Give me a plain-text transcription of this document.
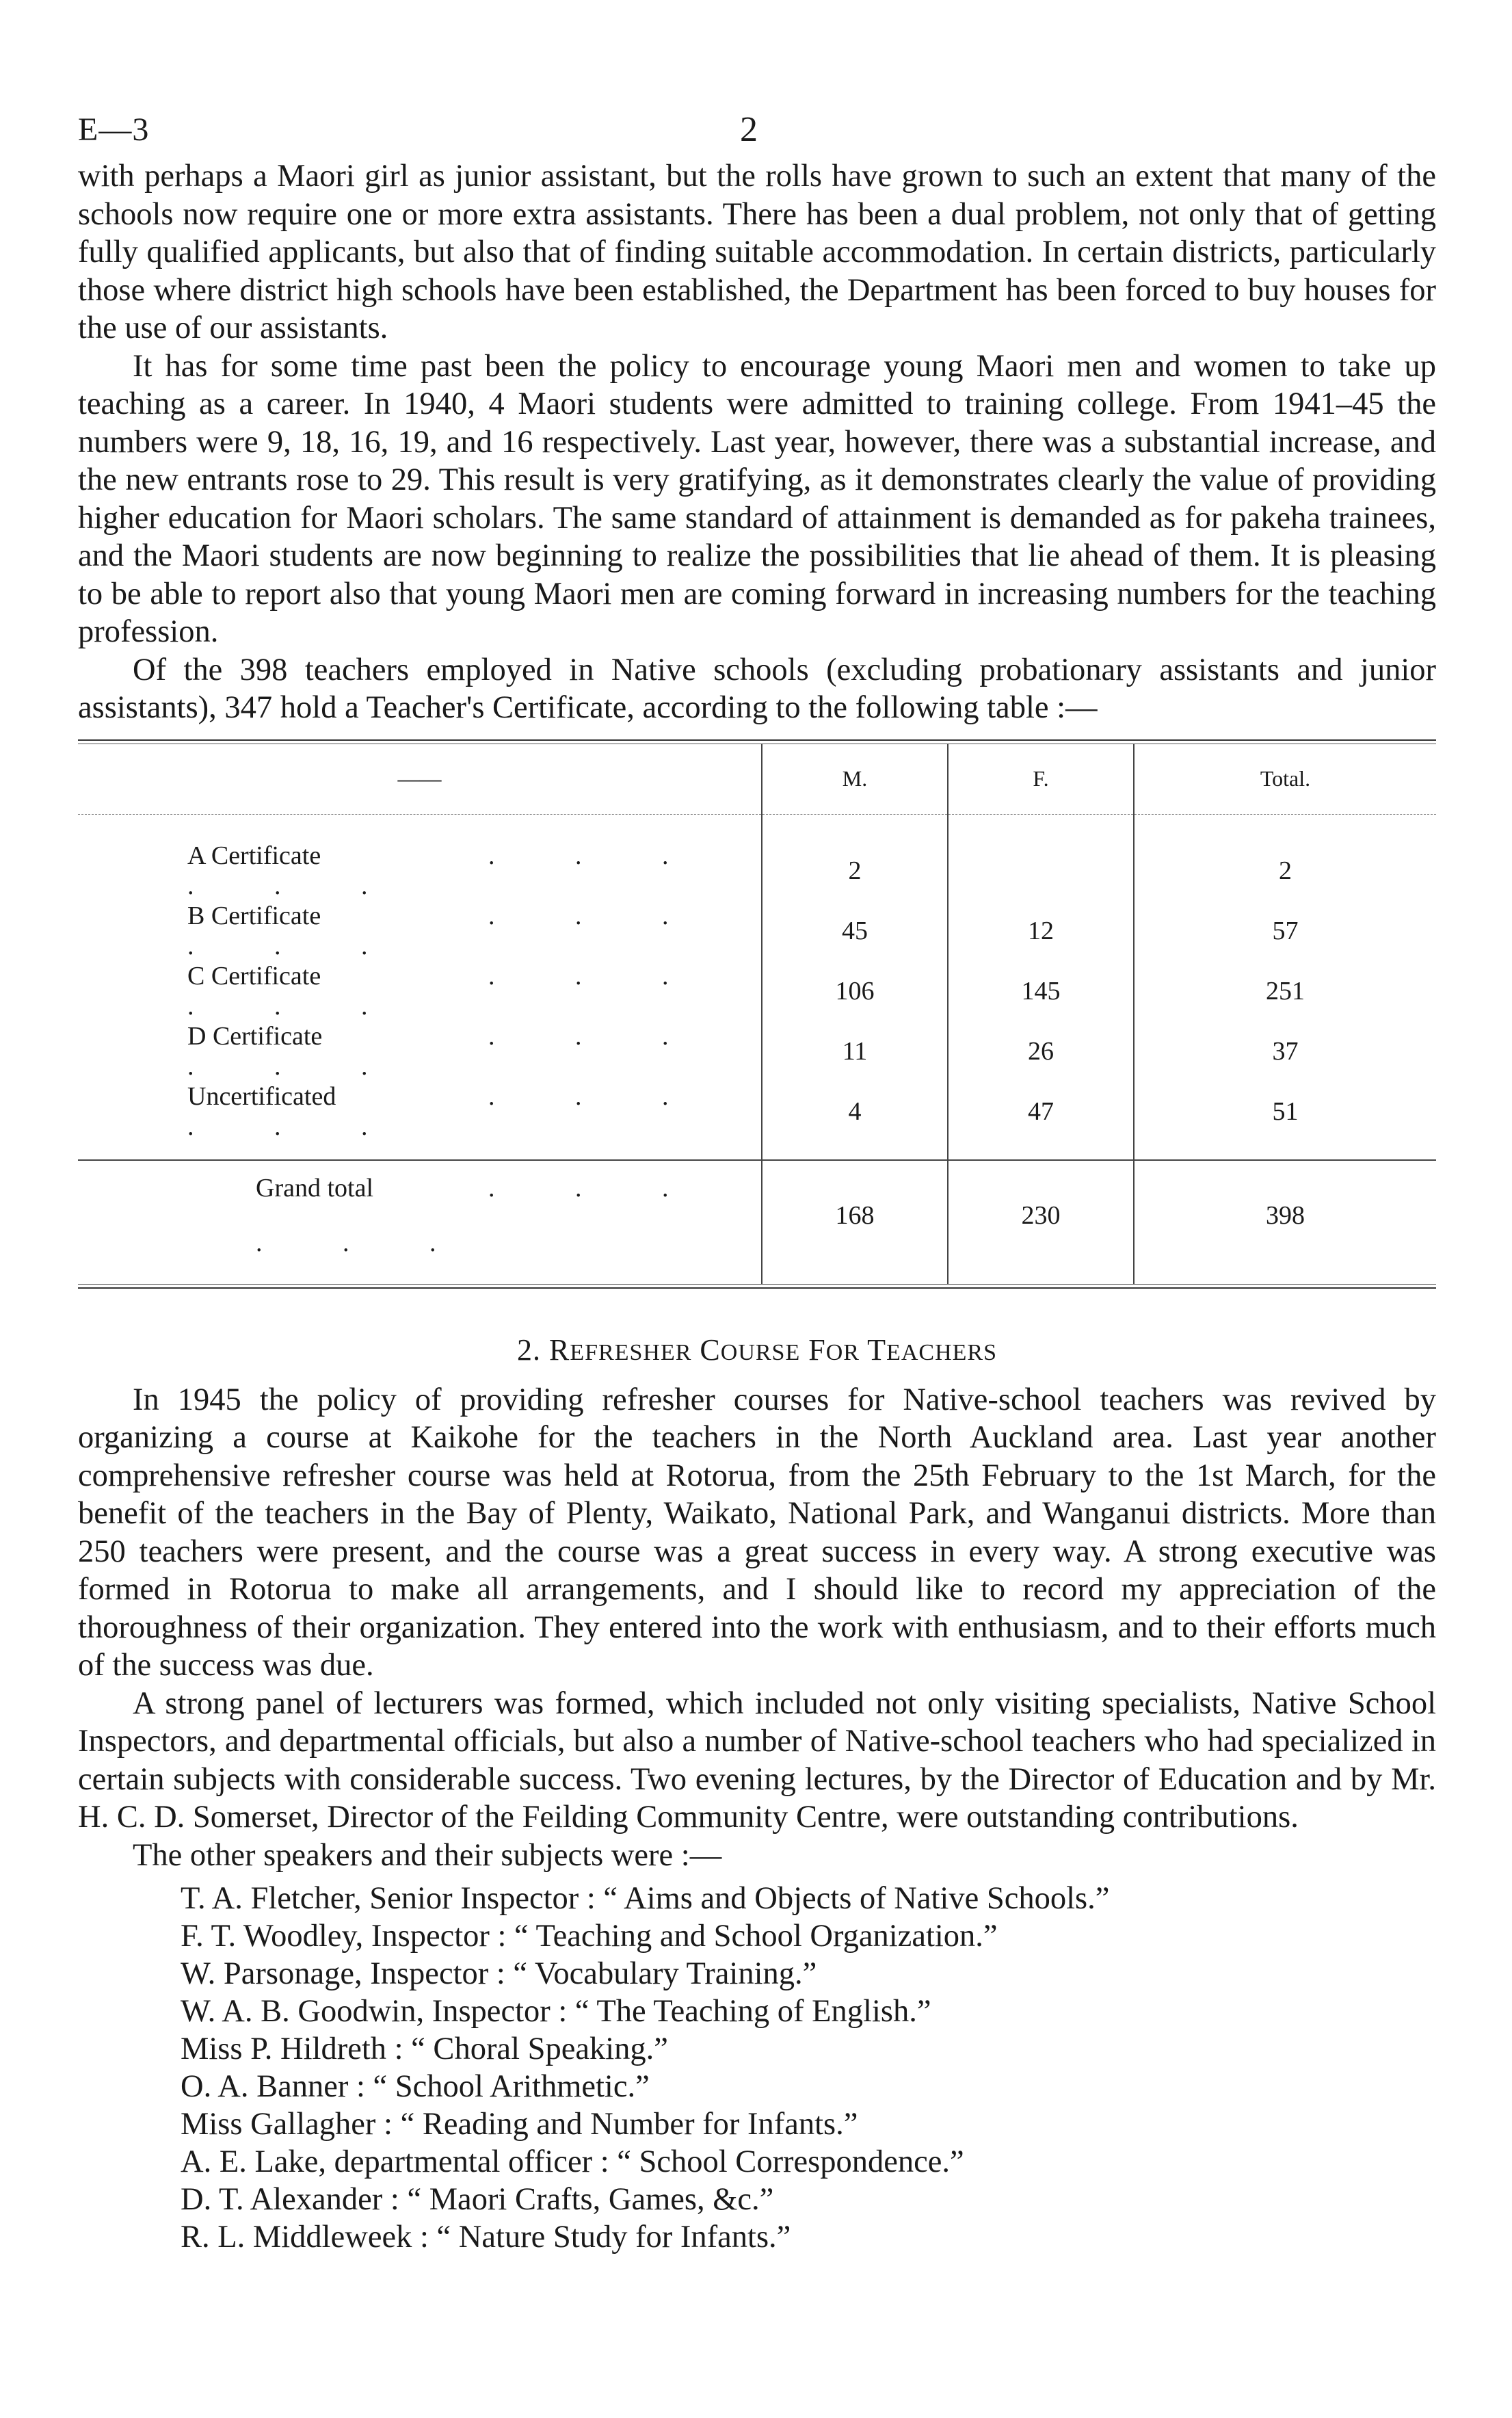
E—3	2

with perhaps a Maori girl as junior assistant, but the rolls have grown to such an extent that many of the schools now require one or more extra assistants. There has been a dual problem, not only that of getting fully qualified applicants, but also that of finding suitable accommodation. In certain districts, particularly those where district high schools have been established, the Department has been forced to buy houses for the use of our assistants.

It has for some time past been the policy to encourage young Maori men and women to take up teaching as a career. In 1940, 4 Maori students were admitted to training college. From 1941–45 the numbers were 9, 18, 16, 19, and 16 respectively. Last year, however, there was a substantial increase, and the new entrants rose to 29. This result is very gratifying, as it demonstrates clearly the value of providing higher education for Maori scholars. The same standard of attainment is demanded as for pakeha trainees, and the Maori students are now beginning to realize the possibilities that lie ahead of them. It is pleasing to be able to report also that young Maori men are coming forward in increasing numbers for the teaching profession.

Of the 398 teachers employed in Native schools (excluding probationary assistants and junior assistants), 347 hold a Teacher's Certificate, according to the following table :—

——	M.	F.	Total.
A Certificate . . . . . .	2		2
B Certificate . . . . . .	45	12	57
C Certificate . . . . . .	106	145	251
D Certificate . . . . . .	11	26	37
Uncertificated . . . . . .	4	47	51
Grand total . . . . . .	168	230	398
2. REFRESHER COURSE FOR TEACHERS

In 1945 the policy of providing refresher courses for Native-school teachers was revived by organizing a course at Kaikohe for the teachers in the North Auckland area. Last year another comprehensive refresher course was held at Rotorua, from the 25th February to the 1st March, for the benefit of the teachers in the Bay of Plenty, Waikato, National Park, and Wanganui districts. More than 250 teachers were present, and the course was a great success in every way. A strong executive was formed in Rotorua to make all arrangements, and I should like to record my appreciation of the thoroughness of their organization. They entered into the work with enthusiasm, and to their efforts much of the success was due.

A strong panel of lecturers was formed, which included not only visiting specialists, Native School Inspectors, and departmental officials, but also a number of Native-school teachers who had specialized in certain subjects with considerable success. Two evening lectures, by the Director of Education and by Mr. H. C. D. Somerset, Director of the Feilding Community Centre, were outstanding contributions.

The other speakers and their subjects were :—

T. A. Fletcher, Senior Inspector : “ Aims and Objects of Native Schools.”
F. T. Woodley, Inspector : “ Teaching and School Organization.”
W. Parsonage, Inspector : “ Vocabulary Training.”
W. A. B. Goodwin, Inspector : “ The Teaching of English.”
Miss P. Hildreth : “ Choral Speaking.”
O. A. Banner : “ School Arithmetic.”
Miss Gallagher : “ Reading and Number for Infants.”
A. E. Lake, departmental officer : “ School Correspondence.”
D. T. Alexander : “ Maori Crafts, Games, &c.”
R. L. Middleweek : “ Nature Study for Infants.”
